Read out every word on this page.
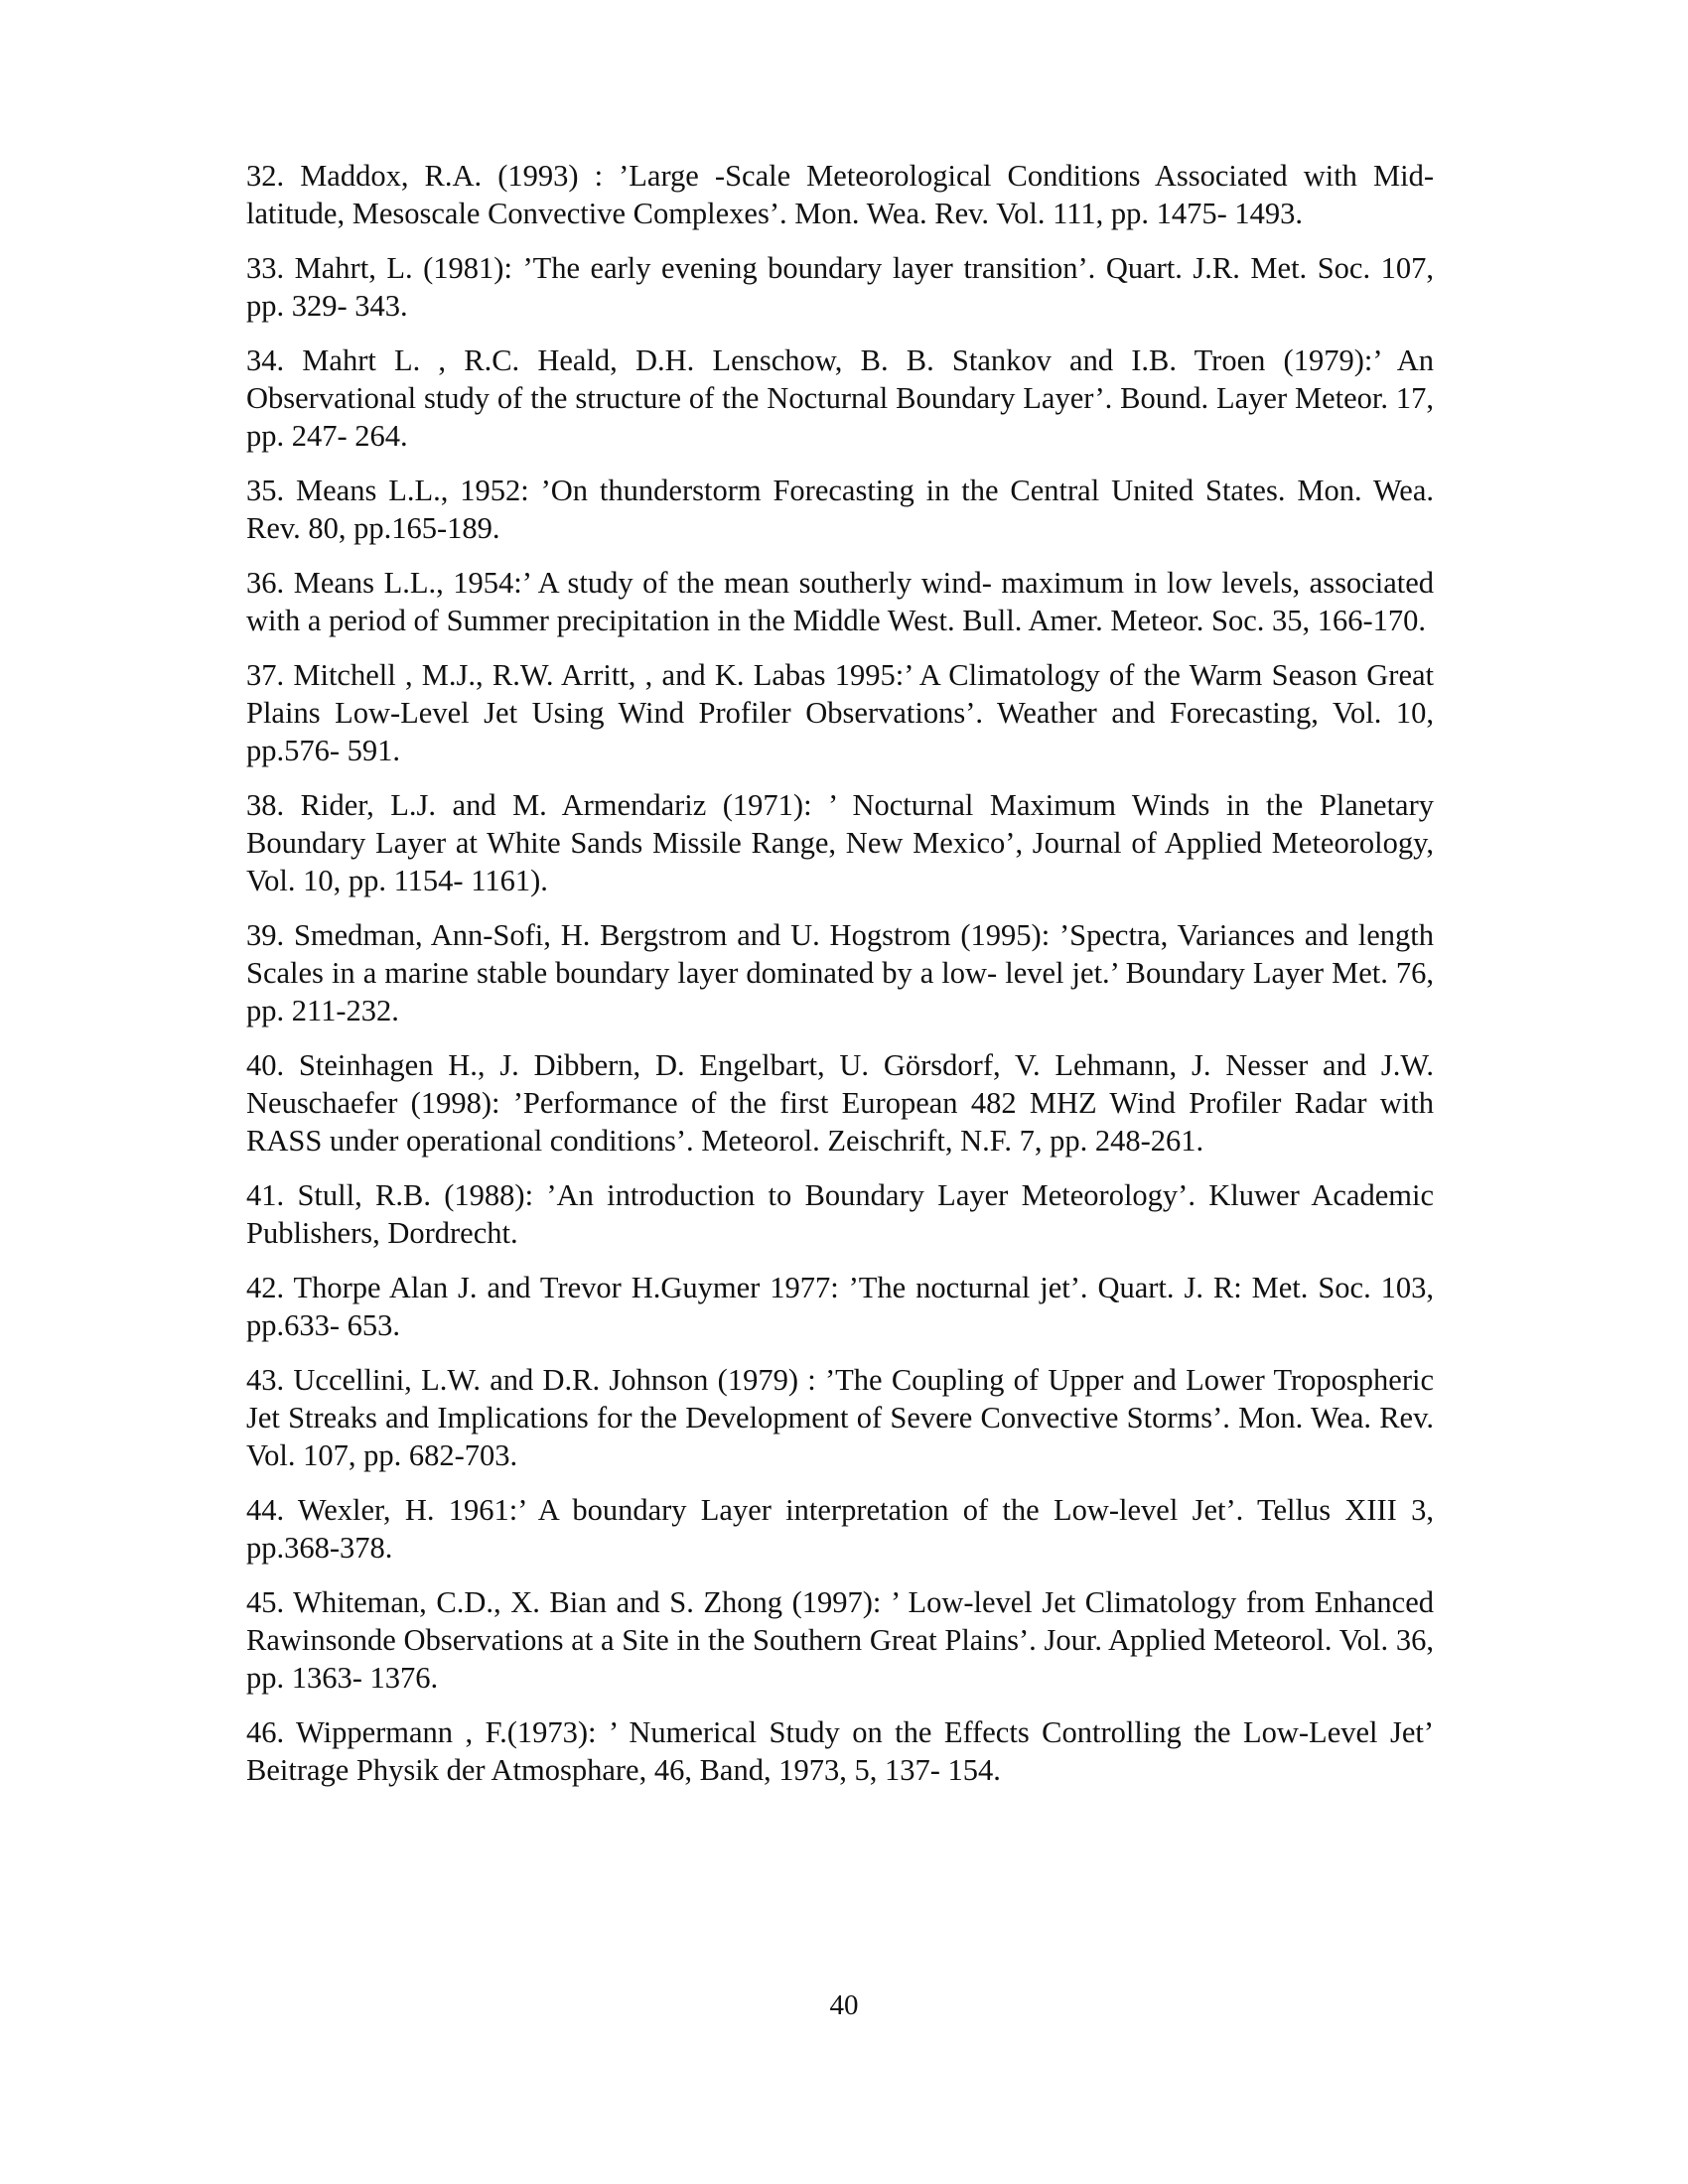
32. Maddox, R.A. (1993) : ’Large -Scale Meteorological Conditions Associated with Mid-latitude, Mesoscale Convective Complexes’. Mon. Wea. Rev. Vol. 111, pp. 1475- 1493.

33. Mahrt, L. (1981): ’The early evening boundary layer transition’. Quart. J.R. Met. Soc. 107, pp. 329- 343.

34. Mahrt L. , R.C. Heald, D.H. Lenschow, B. B. Stankov and I.B. Troen (1979):’ An Observational study of the structure of the Nocturnal Boundary Layer’. Bound. Layer Meteor. 17, pp. 247- 264.

35. Means L.L., 1952: ’On thunderstorm Forecasting in the Central United States. Mon. Wea. Rev. 80, pp.165-189.

36. Means L.L., 1954:’ A study of the mean southerly wind- maximum in low levels, associated with a period of Summer precipitation in the Middle West. Bull. Amer. Meteor. Soc. 35, 166-170.

37. Mitchell , M.J., R.W. Arritt, , and K. Labas 1995:’ A Climatology of the Warm Season Great Plains Low-Level Jet Using Wind Profiler Observations’. Weather and Forecasting, Vol. 10, pp.576- 591.

38. Rider, L.J. and M. Armendariz (1971): ’ Nocturnal Maximum Winds in the Planetary Boundary Layer at White Sands Missile Range, New Mexico’, Journal of Applied Meteorology, Vol. 10, pp. 1154- 1161).

39. Smedman, Ann-Sofi, H. Bergstrom and U. Hogstrom (1995): ’Spectra, Variances and length Scales in a marine stable boundary layer dominated by a low- level jet.’ Boundary Layer Met. 76, pp. 211-232.

40. Steinhagen H., J. Dibbern, D. Engelbart, U. Görsdorf, V. Lehmann, J. Nesser and J.W. Neuschaefer (1998): ’Performance of the first European 482 MHZ Wind Profiler Radar with RASS under operational conditions’. Meteorol. Zeischrift, N.F. 7, pp. 248-261.

41. Stull, R.B. (1988): ’An introduction to Boundary Layer Meteorology’. Kluwer Academic Publishers, Dordrecht.

42. Thorpe Alan J. and Trevor H.Guymer 1977: ’The nocturnal jet’. Quart. J. R: Met. Soc. 103, pp.633- 653.

43. Uccellini, L.W. and D.R. Johnson (1979) : ’The Coupling of Upper and Lower Tropospheric Jet Streaks and Implications for the Development of Severe Convective Storms’. Mon. Wea. Rev. Vol. 107, pp. 682-703.

44. Wexler, H. 1961:’ A boundary Layer interpretation of the Low-level Jet’. Tellus XIII 3, pp.368-378.

45. Whiteman, C.D., X. Bian and S. Zhong (1997): ’ Low-level Jet Climatology from Enhanced Rawinsonde Observations at a Site in the Southern Great Plains’. Jour. Applied Meteorol. Vol. 36, pp. 1363- 1376.

46. Wippermann , F.(1973): ’ Numerical Study on the Effects Controlling the Low-Level Jet’ Beitrage Physik der Atmosphare, 46, Band, 1973, 5, 137- 154.

40
